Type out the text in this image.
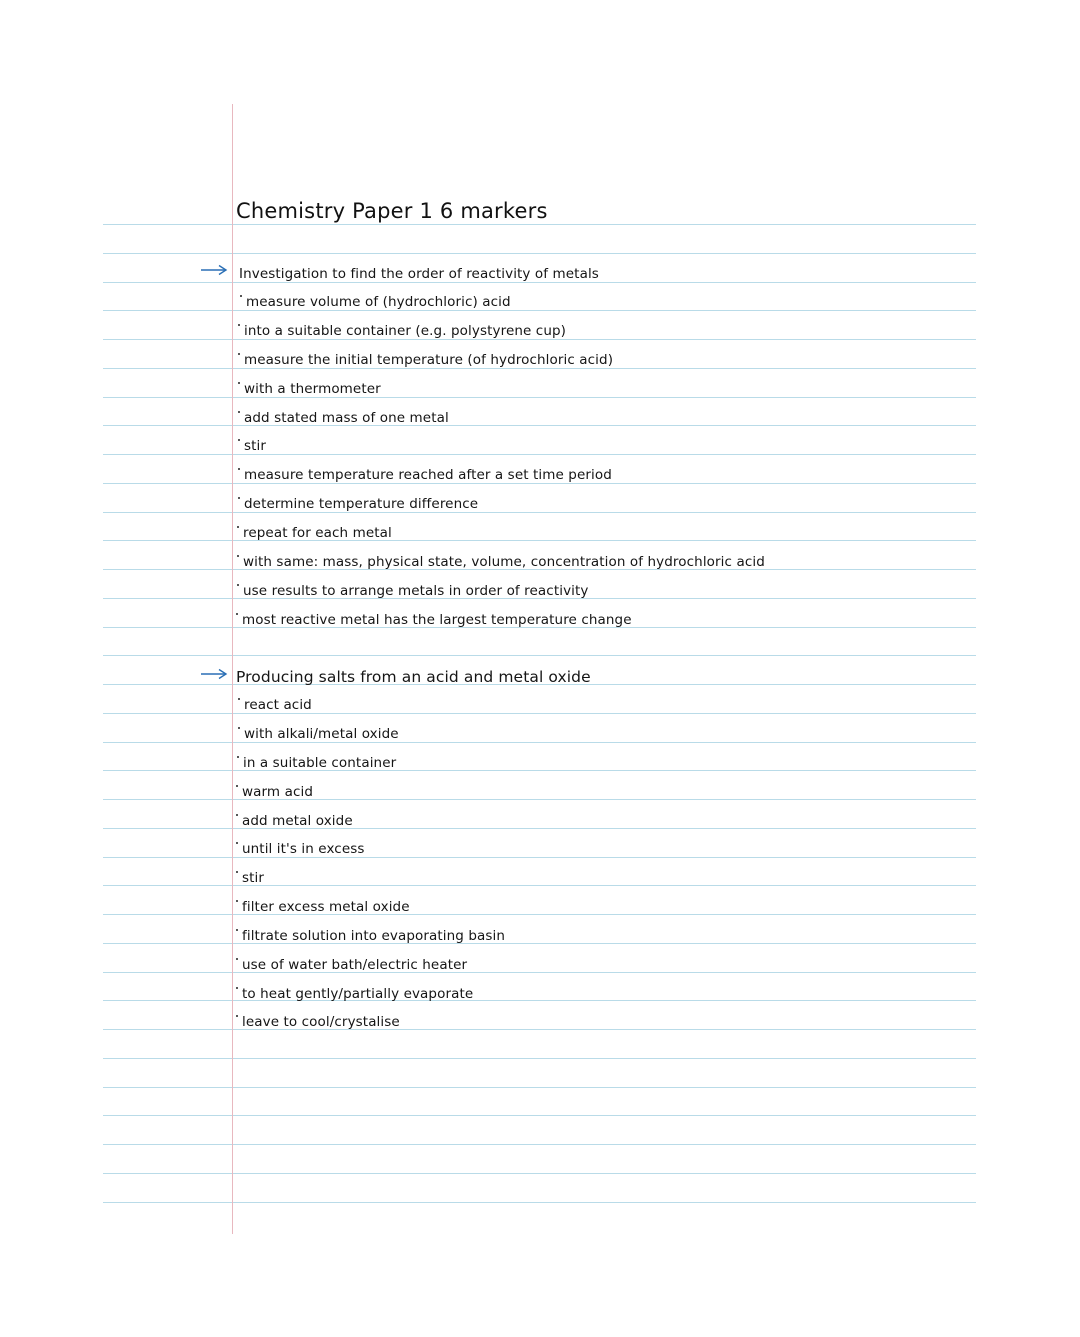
Chemistry Paper 1 6 markers
Investigation to find the order of reactivity of metals
measure volume of (hydrochloric) acid
into a suitable container (e.g. polystyrene cup)
measure the initial temperature (of hydrochloric acid)
with a thermometer
add stated mass of one metal
stir
measure temperature reached after a set time period
determine temperature difference
repeat for each metal
with same: mass, physical state, volume, concentration of hydrochloric acid
use results to arrange metals in order of reactivity
most reactive metal has the largest temperature change
Producing salts from an acid and metal oxide
react acid
with alkali/metal oxide
in a suitable container
warm acid
add metal oxide
until it's in excess
stir
filter excess metal oxide
filtrate solution into evaporating basin
use of water bath/electric heater
to heat gently/partially evaporate
leave to cool/crystalise
